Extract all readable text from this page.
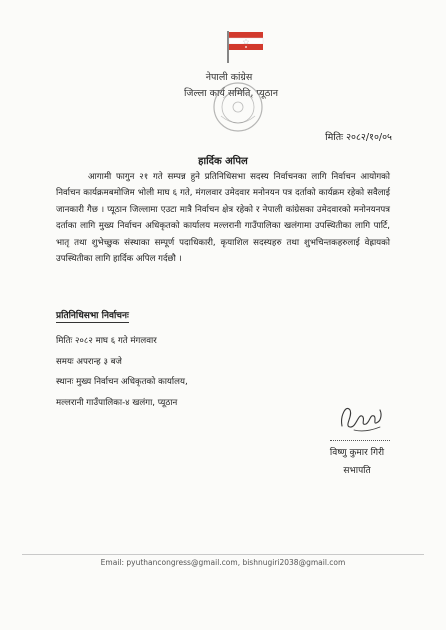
नेपाली कांग्रेस
जिल्ला कार्य समिति, प्यूठान
मितिः २०८२/१०/०५
हार्दिक अपिल

आगामी फागुन २१ गते सम्पन्न हुने प्रतिनिधिसभा सदस्य निर्वाचनका लागि निर्वाचन आयोगको निर्वाचन कार्यक्रमबमोजिम भोली माघ ६ गते, मंगलवार उमेदवार मनोनयन पत्र दर्ताको कार्यक्रम रहेको सवैलाई जानकारी गैछ । प्यूठान जिल्लामा एउटा मात्रै निर्वाचन क्षेत्र रहेको र नेपाली कांग्रेसका उमेदवारको मनोनयनपत्र दर्ताका लागि मुख्य निर्वाचन अधिकृतको कार्यालय मल्लरानी गाउँपालिका खलंगामा उपस्थितीका लागि पार्टि, भातृ तथा शुभेच्छुक संस्थाका सम्पूर्ण पदाधिकारी, कृयाशिल सदस्यहरु तथा शुभचिन्तकहरुलाई वेह्रायको उपस्थितीका लागि हार्दिक अपिल गर्दछौ ।

प्रतिनिधिसभा निर्वाचनः
मितिः २०८२ माघ ६ गते मंगलवार
समयः अपरान्ह ३ बजे
स्थानः मुख्य निर्वाचन अधिकृतको कार्यालय,
मल्लरानी गाउँपालिका-४ खलंगा, प्यूठान
विष्णु कुमार गिरी
सभापति
Email: pyuthancongress@gmail.com, bishnugiri2038@gmail.com
